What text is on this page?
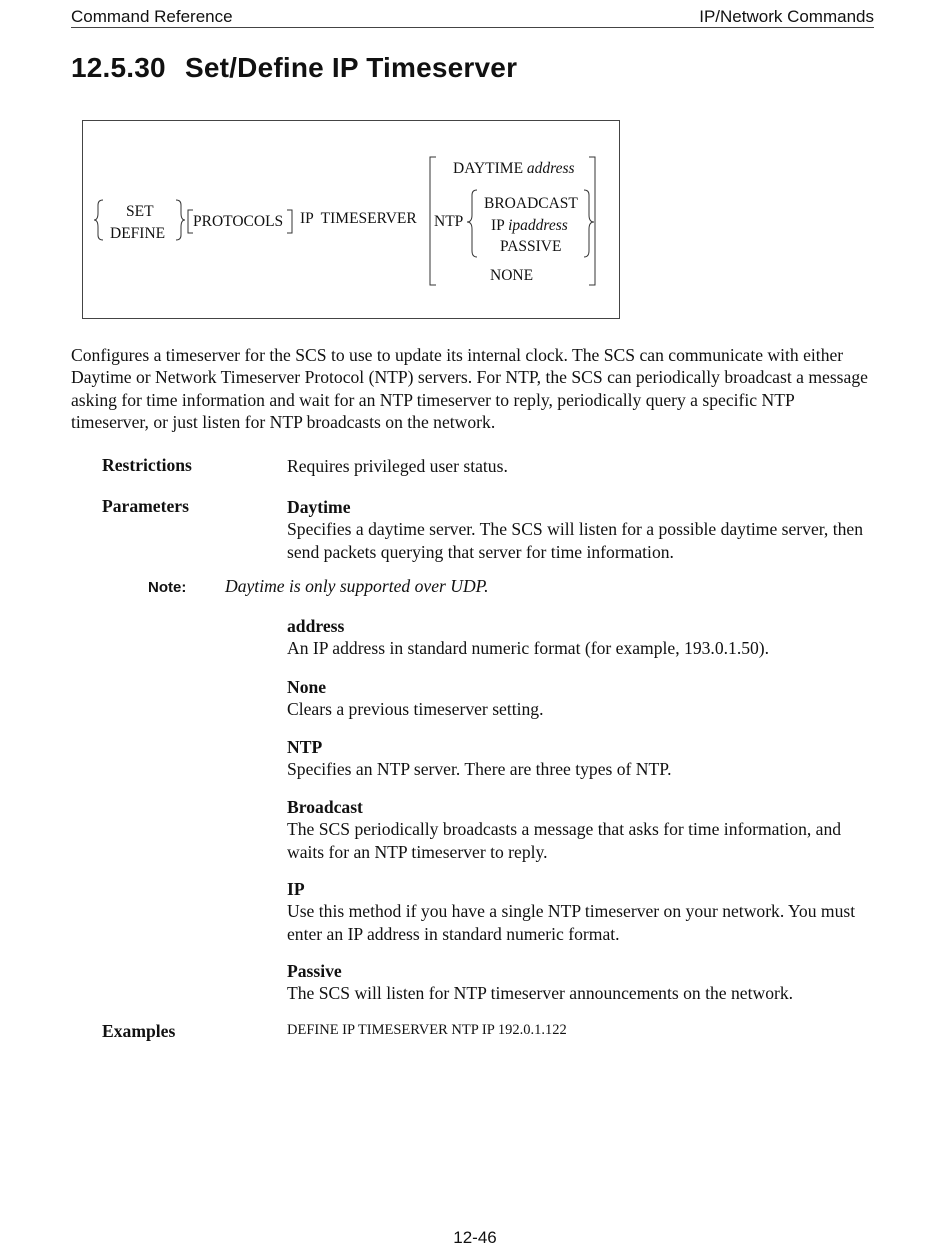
Command Reference	IP/Network Commands
12.5.30 Set/Define IP Timeserver
SET
DEFINE
PROTOCOLS IP  TIMESERVER
DAYTIME address
NTP
BROADCAST
IP ipaddress
PASSIVE
NONE
Configures a timeserver for the SCS to use to update its internal clock. The SCS can communicate with either Daytime or Network Timeserver Protocol (NTP) servers. For NTP, the SCS can periodically broadcast a message asking for time information and wait for an NTP timeserver to reply, periodically query a specific NTP timeserver, or just listen for NTP broadcasts on the network.
Restrictions	Requires privileged user status.
Parameters	Daytime
Specifies a daytime server. The SCS will listen for a possible daytime server, then send packets querying that server for time information.
Note: Daytime is only supported over UDP.
address
An IP address in standard numeric format (for example, 193.0.1.50).
None
Clears a previous timeserver setting.
NTP
Specifies an NTP server. There are three types of NTP.
Broadcast
The SCS periodically broadcasts a message that asks for time information, and waits for an NTP timeserver to reply.
IP
Use this method if you have a single NTP timeserver on your network. You must enter an IP address in standard numeric format.
Passive
The SCS will listen for NTP timeserver announcements on the network.
Examples	DEFINE IP TIMESERVER NTP IP 192.0.1.122
12-46
